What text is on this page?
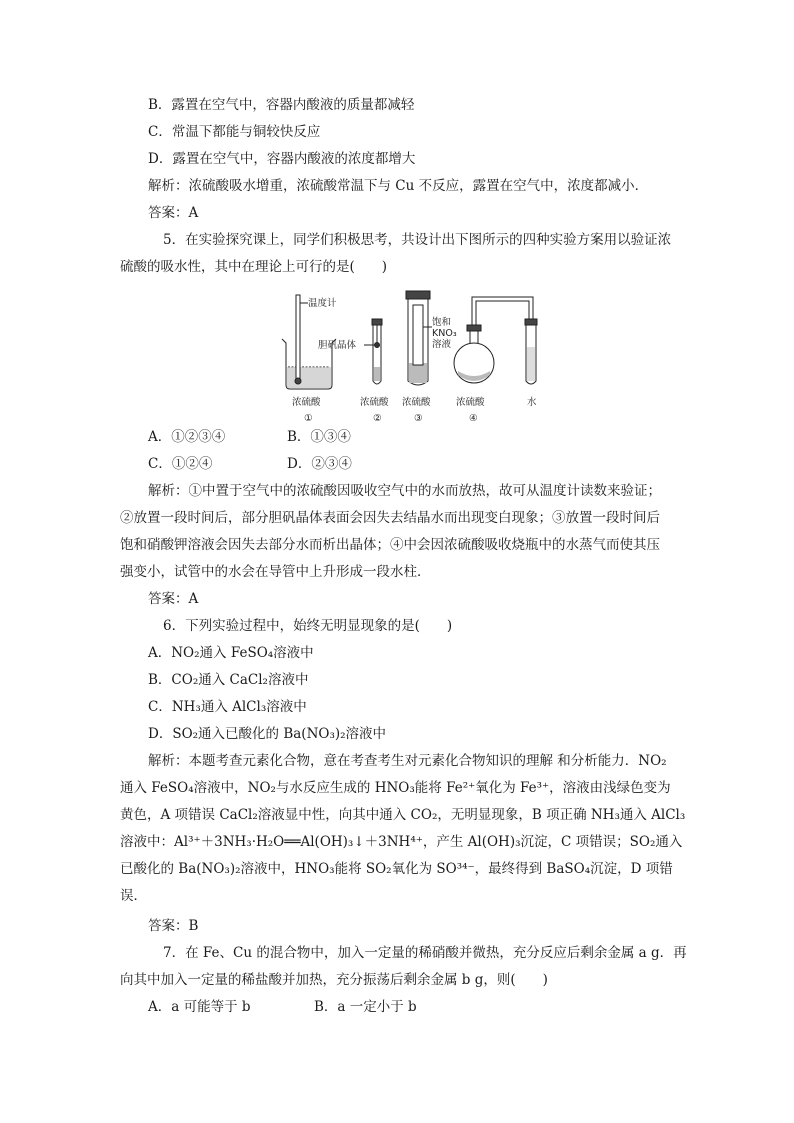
B．露置在空气中，容器内酸液的质量都减轻
C．常温下都能与铜较快反应
D．露置在空气中，容器内酸液的浓度都增大
解析：浓硫酸吸水增重，浓硫酸常温下与 Cu 不反应，露置在空气中，浓度都减小．
答案：A
5．在实验探究课上，同学们积极思考，共设计出下图所示的四种实验方案用以验证浓
硫酸的吸水性，其中在理论上可行的是(　　)
温度计
胆矾晶体
饱和
KNO₃
溶液
浓硫酸	浓硫酸 浓硫酸	浓硫酸	水
①	②	③	④
A．①②③④	B．①③④
C．①②④	D．②③④
解析：①中置于空气中的浓硫酸因吸收空气中的水而放热，故可从温度计读数来验证；
②放置一段时间后，部分胆矾晶体表面会因失去结晶水而出现变白现象；③放置一段时间后
饱和硝酸钾溶液会因失去部分水而析出晶体；④中会因浓硫酸吸收烧瓶中的水蒸气而使其压
强变小，试管中的水会在导管中上升形成一段水柱．
答案：A
6．下列实验过程中，始终无明显现象的是(　　)
A．NO₂通入 FeSO₄溶液中
B．CO₂通入 CaCl₂溶液中
C．NH₃通入 AlCl₃溶液中
D．SO₂通入已酸化的 Ba(NO₃)₂溶液中
解析：本题考查元素化合物，意在考查考生对元素化合物知识的理解 和分析能力．NO₂
通入 FeSO₄溶液中，NO₂与水反应生成的 HNO₃能将 Fe²⁺氧化为 Fe³⁺，溶液由浅绿色变为
黄色，A 项错误 CaCl₂溶液显中性，向其中通入 CO₂，无明显现象，B 项正确 NH₃通入 AlCl₃
溶液中：Al³⁺＋3NH₃·H₂O══Al(OH)₃↓＋3NH⁴⁺，产生 Al(OH)₃沉淀，C 项错误；SO₂通入
已酸化的 Ba(NO₃)₂溶液中，HNO₃能将 SO₂氧化为 SO³⁴⁻，最终得到 BaSO₄沉淀，D 项错
误．
答案：B
7．在 Fe、Cu 的混合物中，加入一定量的稀硝酸并微热，充分反应后剩余金属 a g．再
向其中加入一定量的稀盐酸并加热，充分振荡后剩余金属 b g，则(　　)
A．a 可能等于 b	B．a 一定小于 b
